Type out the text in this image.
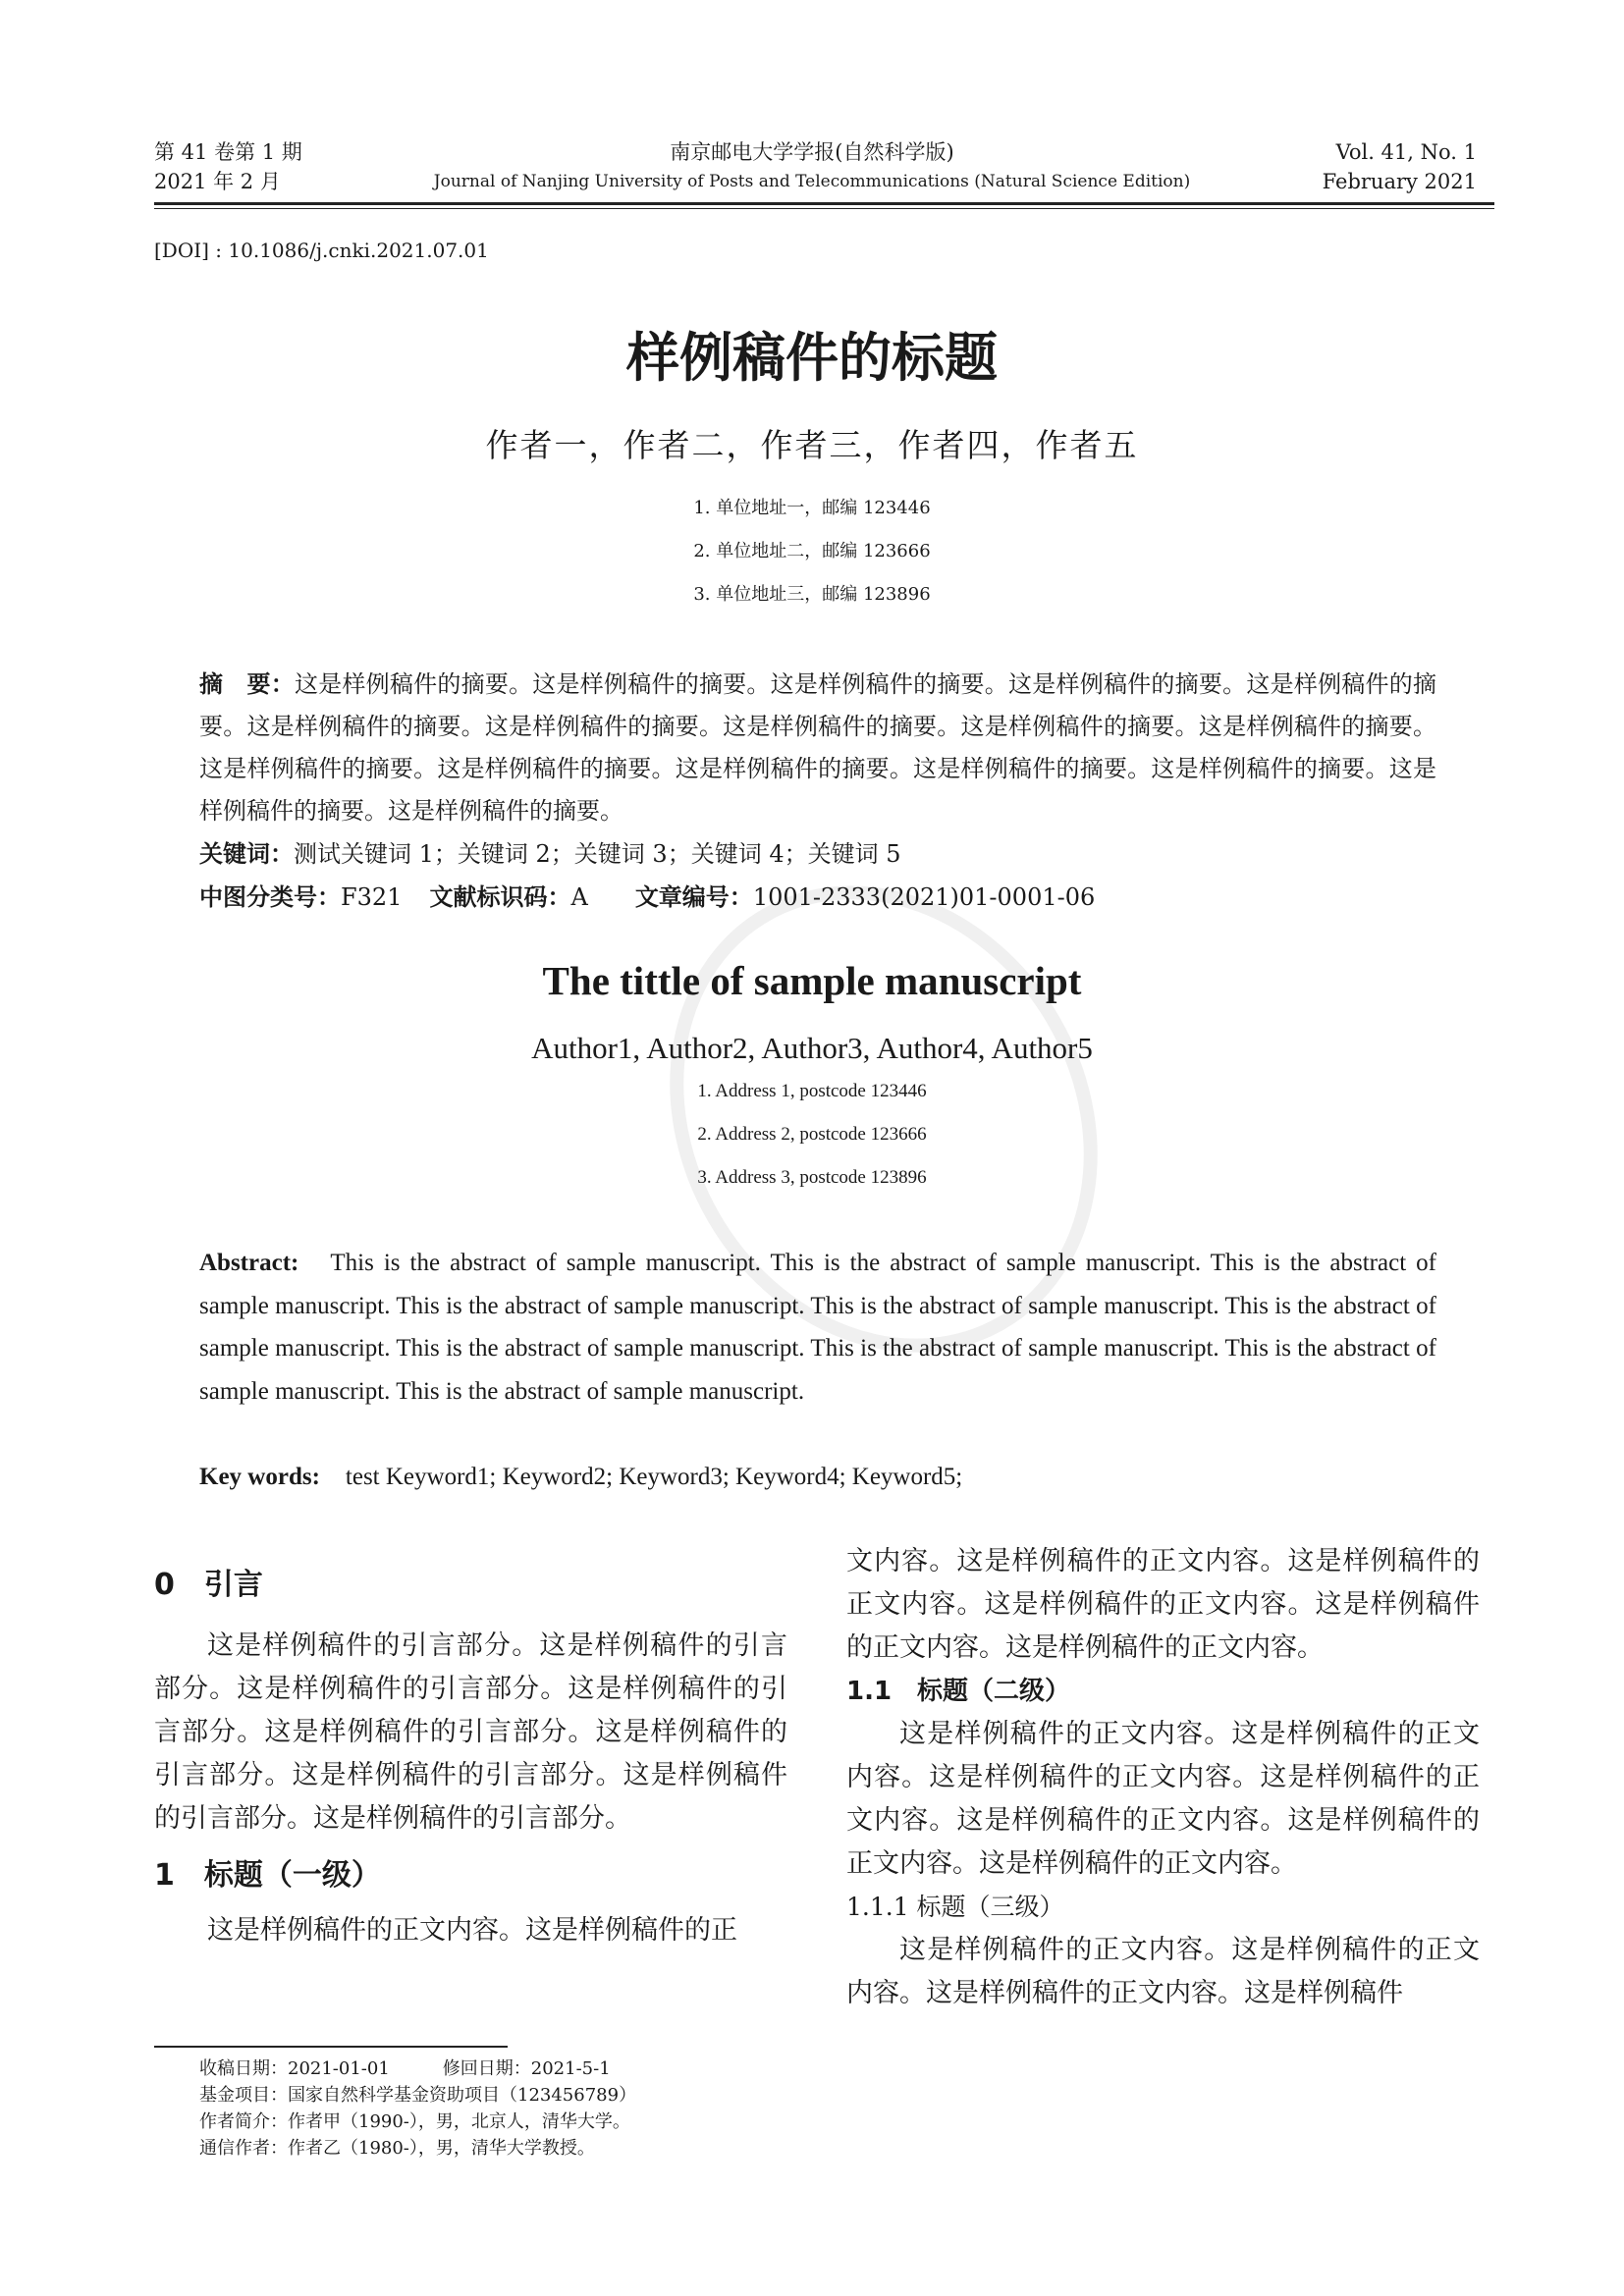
第 41 卷第 1 期
2021 年 2 月
南京邮电大学学报(自然科学版)
Journal of Nanjing University of Posts and Telecommunications (Natural Science Edition)
Vol. 41, No. 1
February 2021
[DOI] : 10.1086/j.cnki.2021.07.01
样例稿件的标题
作者一，作者二，作者三，作者四，作者五
1. 单位地址一，邮编 123446
2. 单位地址二，邮编 123666
3. 单位地址三，邮编 123896
摘　要：这是样例稿件的摘要。这是样例稿件的摘要。这是样例稿件的摘要。这是样例稿件的摘要。这是样例稿件的摘要。这是样例稿件的摘要。这是样例稿件的摘要。这是样例稿件的摘要。这是样例稿件的摘要。这是样例稿件的摘要。这是样例稿件的摘要。这是样例稿件的摘要。这是样例稿件的摘要。这是样例稿件的摘要。这是样例稿件的摘要。这是样例稿件的摘要。这是样例稿件的摘要。
关键词：测试关键词 1；关键词 2；关键词 3；关键词 4；关键词 5
中图分类号：F321 文献标识码：A 文章编号：1001-2333(2021)01-0001-06
The tittle of sample manuscript
Author1, Author2, Author3, Author4, Author5
1. Address 1, postcode 123446
2. Address 2, postcode 123666
3. Address 3, postcode 123896
Abstract: This is the abstract of sample manuscript. This is the abstract of sample manuscript. This is the abstract of sample manuscript. This is the abstract of sample manuscript. This is the abstract of sample manuscript. This is the abstract of sample manuscript. This is the abstract of sample manuscript. This is the abstract of sample manuscript. This is the abstract of sample manuscript. This is the abstract of sample manuscript.
Key words: test Keyword1; Keyword2; Keyword3; Keyword4; Keyword5;

0　引言

这是样例稿件的引言部分。这是样例稿件的引言部分。这是样例稿件的引言部分。这是样例稿件的引言部分。这是样例稿件的引言部分。这是样例稿件的引言部分。这是样例稿件的引言部分。这是样例稿件的引言部分。这是样例稿件的引言部分。

1　标题（一级）

这是样例稿件的正文内容。这是样例稿件的正

文内容。这是样例稿件的正文内容。这是样例稿件的正文内容。这是样例稿件的正文内容。这是样例稿件的正文内容。这是样例稿件的正文内容。

1.1　标题（二级）

这是样例稿件的正文内容。这是样例稿件的正文内容。这是样例稿件的正文内容。这是样例稿件的正文内容。这是样例稿件的正文内容。这是样例稿件的正文内容。这是样例稿件的正文内容。

1.1.1 标题（三级）

这是样例稿件的正文内容。这是样例稿件的正文内容。这是样例稿件的正文内容。这是样例稿件

收稿日期：2021-01-01　　　修回日期：2021-5-1
基金项目：国家自然科学基金资助项目（123456789）
作者简介：作者甲（1990-），男，北京人，清华大学。
通信作者：作者乙（1980-），男，清华大学教授。
